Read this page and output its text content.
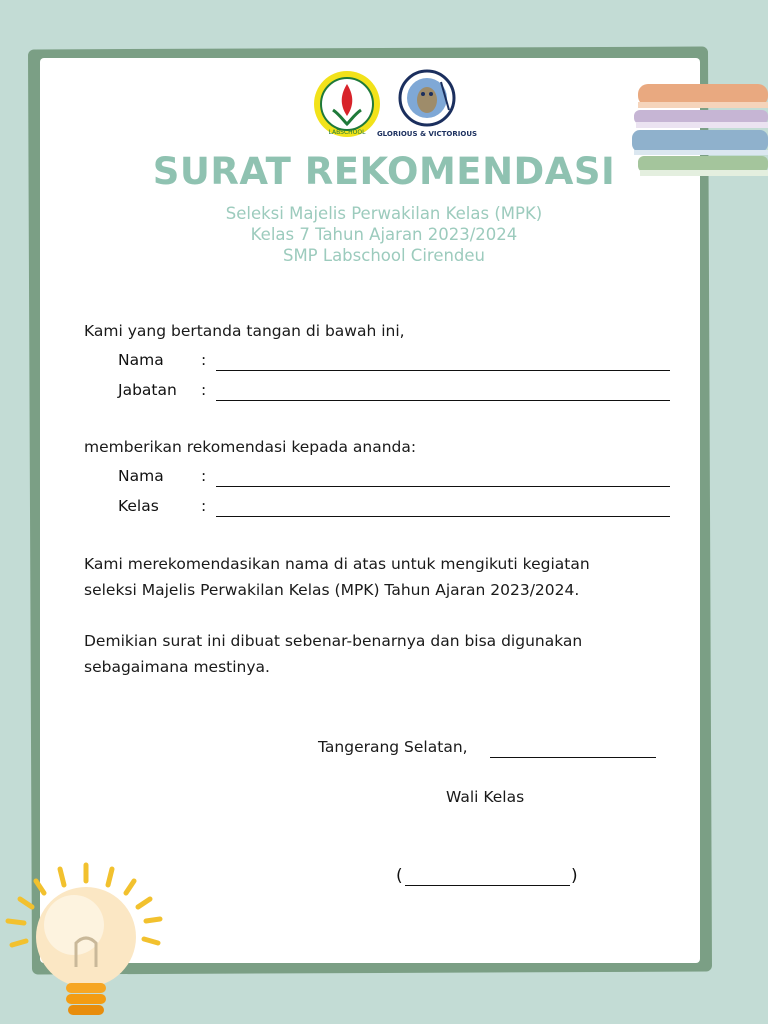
LABSCHOOL GLORIOUS & VICTORIOUS
SURAT REKOMENDASI
Seleksi Majelis Perwakilan Kelas (MPK)
Kelas 7 Tahun Ajaran 2023/2024
SMP Labschool Cirendeu
Kami yang bertanda tangan di bawah ini,
Nama :
Jabatan :
memberikan rekomendasi kepada ananda:
Nama :
Kelas	:
Kami merekomendasikan nama di atas untuk mengikuti kegiatan
seleksi Majelis Perwakilan Kelas (MPK) Tahun Ajaran 2023/2024.
Demikian surat ini dibuat sebenar-benarnya dan bisa digunakan
sebagaimana mestinya.
Tangerang Selatan,
Wali Kelas
(	)
